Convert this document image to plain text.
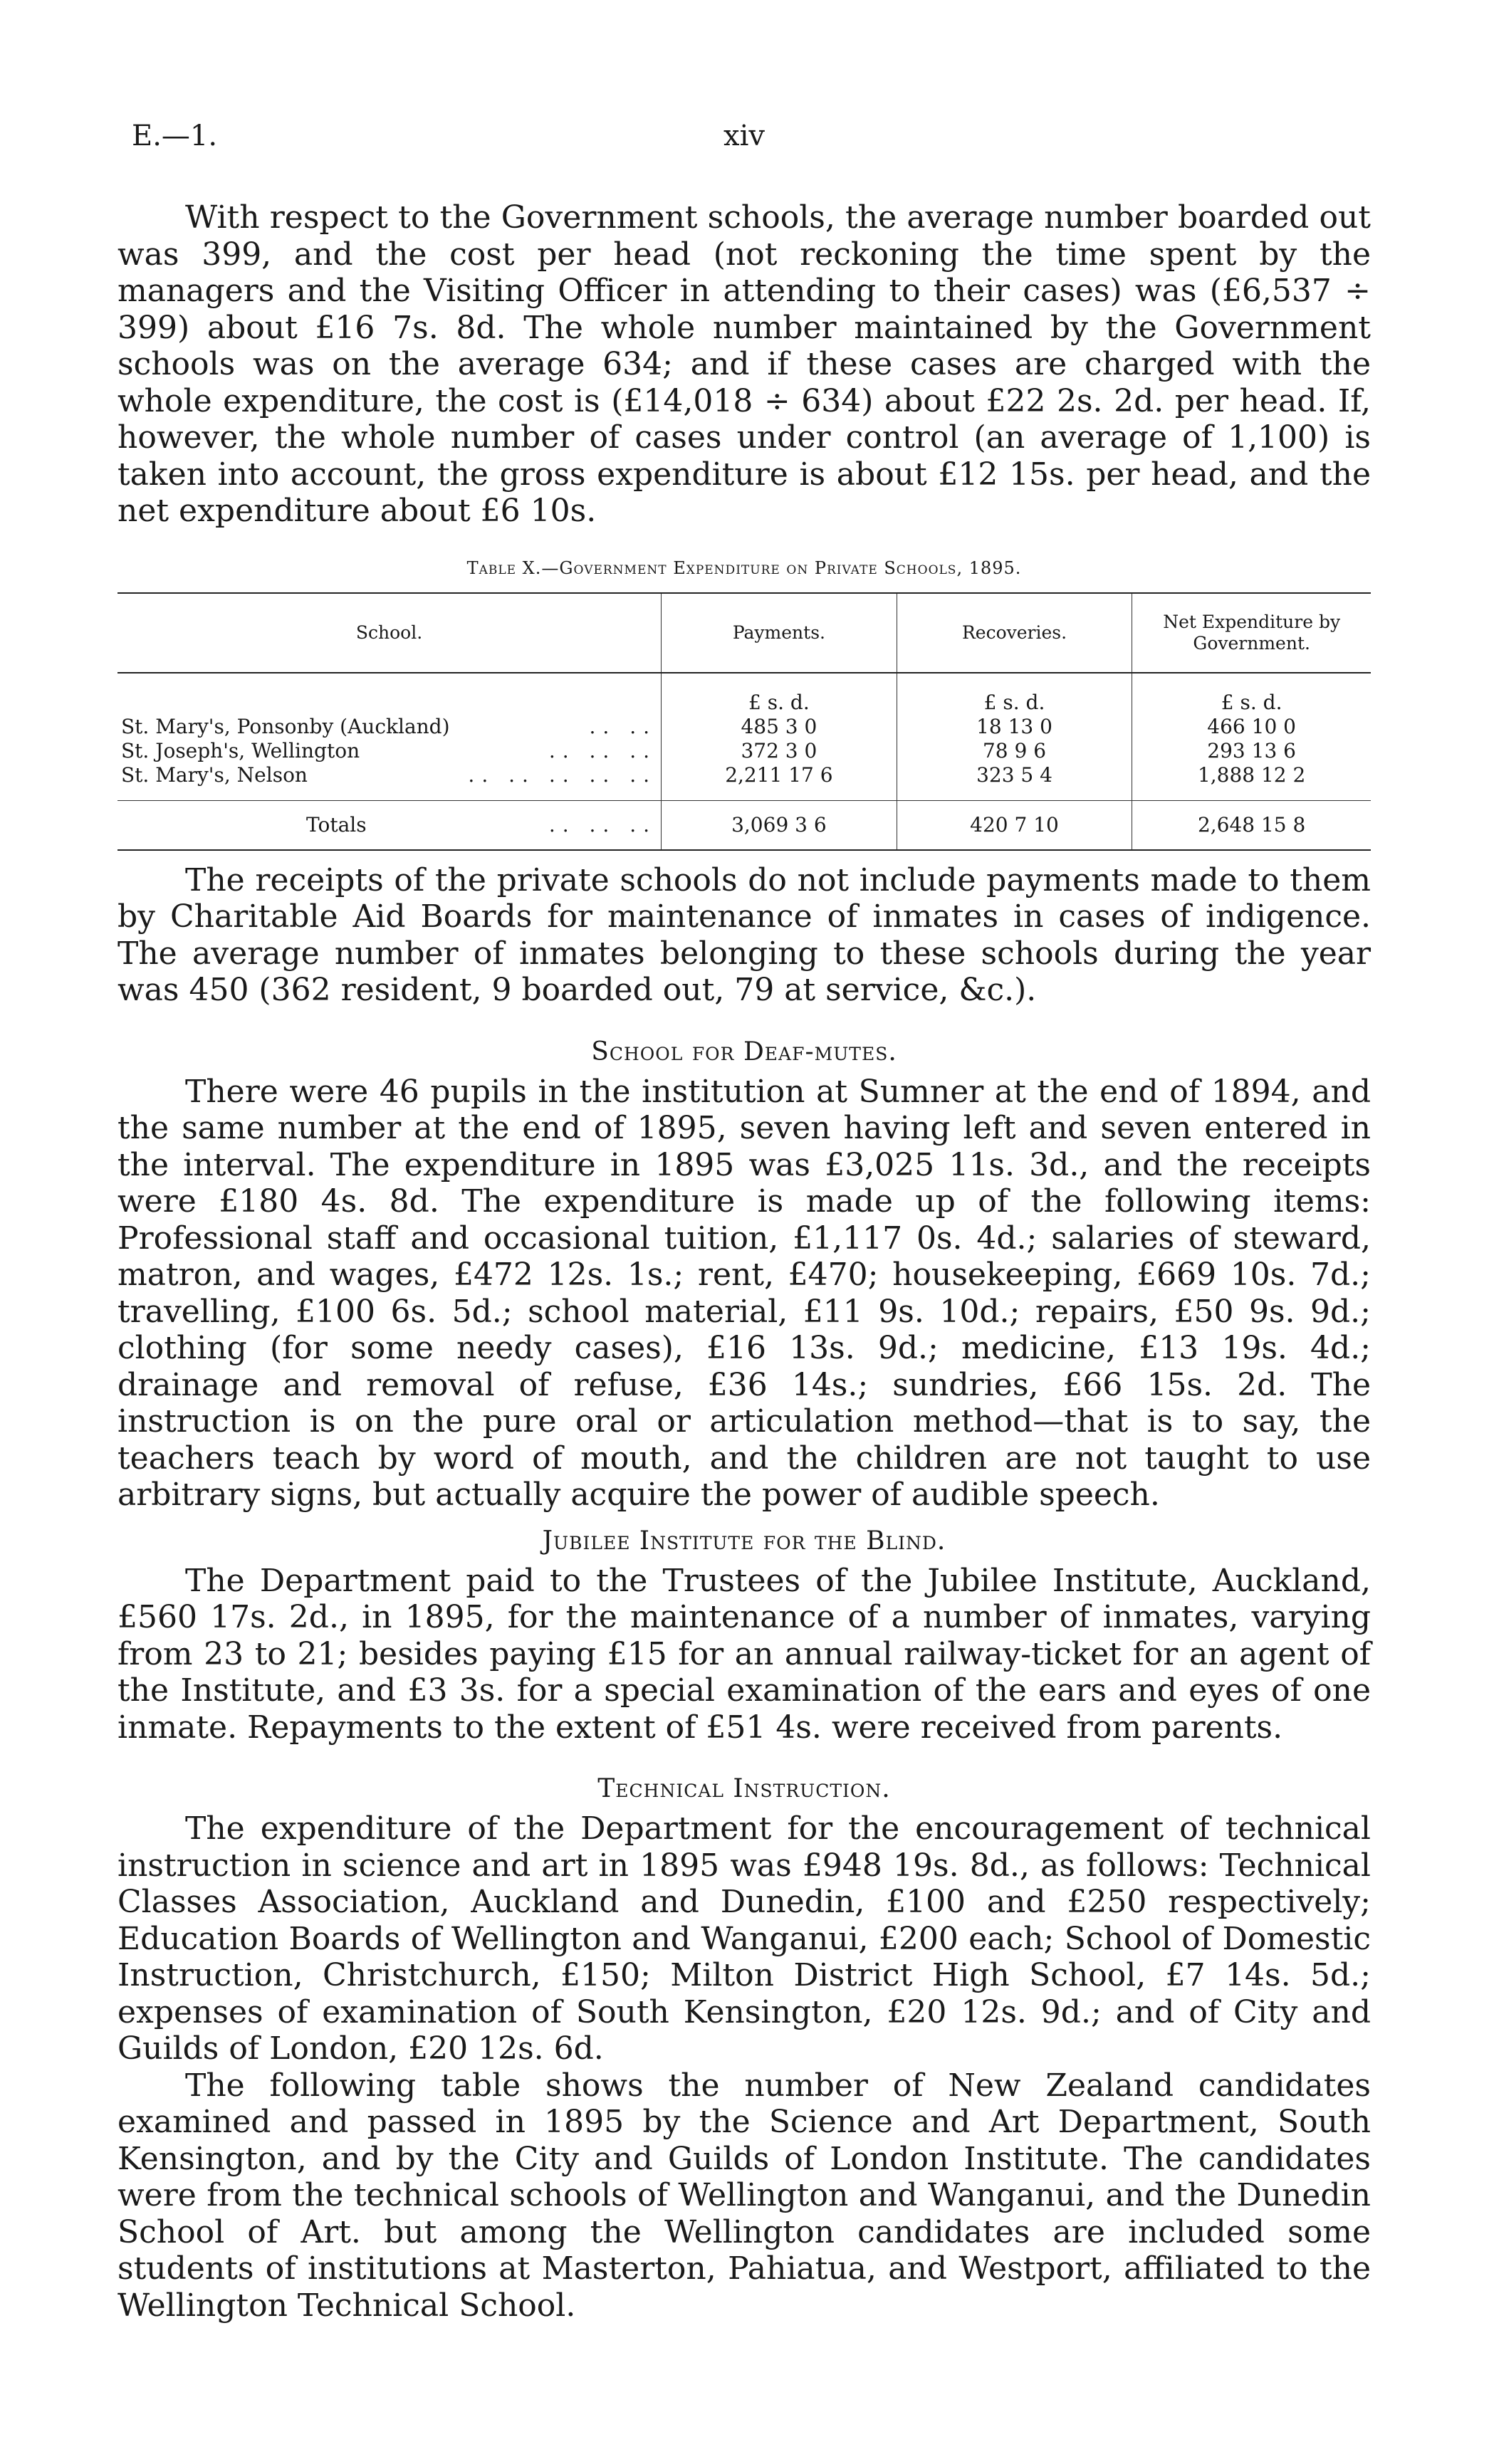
E.—1.	xiv

With respect to the Government schools, the average number boarded out was 399, and the cost per head (not reckoning the time spent by the managers and the Visiting Officer in attending to their cases) was (£6,537 ÷ 399) about £16 7s. 8d. The whole number maintained by the Government schools was on the average 634; and if these cases are charged with the whole expenditure, the cost is (£14,018 ÷ 634) about £22 2s. 2d. per head. If, however, the whole number of cases under control (an average of 1,100) is taken into account, the gross expenditure is about £12 15s. per head, and the net expenditure about £6 10s.

Table X.—Government Expenditure on Private Schools, 1895.
School.	Payments.	Recoveries.	Net Expenditure by Government.
	£ s. d.	£ s. d.	£ s. d.
St. Mary's, Ponsonby (Auckland) .. ..	485 3 0	18 13 0	466 10 0
St. Joseph's, Wellington .. .. ..	372 3 0	78 9 6	293 13 6
St. Mary's, Nelson .. .. .. .. ..	2,211 17 6	323 5 4	1,888 12 2
Totals .. .. ..	3,069 3 6	420 7 10	2,648 15 8

The receipts of the private schools do not include payments made to them by Charitable Aid Boards for maintenance of inmates in cases of indigence. The average number of inmates belonging to these schools during the year was 450 (362 resident, 9 boarded out, 79 at service, &c.).

School for Deaf-mutes.

There were 46 pupils in the institution at Sumner at the end of 1894, and the same number at the end of 1895, seven having left and seven entered in the interval. The expenditure in 1895 was £3,025 11s. 3d., and the receipts were £180 4s. 8d. The expenditure is made up of the following items: Professional staff and occasional tuition, £1,117 0s. 4d.; salaries of steward, matron, and wages, £472 12s. 1s.; rent, £470; housekeeping, £669 10s. 7d.; travelling, £100 6s. 5d.; school material, £11 9s. 10d.; repairs, £50 9s. 9d.; clothing (for some needy cases), £16 13s. 9d.; medicine, £13 19s. 4d.; drainage and removal of refuse, £36 14s.; sundries, £66 15s. 2d. The instruction is on the pure oral or articulation method—that is to say, the teachers teach by word of mouth, and the children are not taught to use arbitrary signs, but actually acquire the power of audible speech.

Jubilee Institute for the Blind.

The Department paid to the Trustees of the Jubilee Institute, Auckland, £560 17s. 2d., in 1895, for the maintenance of a number of inmates, varying from 23 to 21; besides paying £15 for an annual railway-ticket for an agent of the Institute, and £3 3s. for a special examination of the ears and eyes of one inmate. Repayments to the extent of £51 4s. were received from parents.

Technical Instruction.

The expenditure of the Department for the encouragement of technical instruction in science and art in 1895 was £948 19s. 8d., as follows: Technical Classes Association, Auckland and Dunedin, £100 and £250 respectively; Education Boards of Wellington and Wanganui, £200 each; School of Domestic Instruction, Christchurch, £150; Milton District High School, £7 14s. 5d.; expenses of examination of South Kensington, £20 12s. 9d.; and of City and Guilds of London, £20 12s. 6d.

The following table shows the number of New Zealand candidates examined and passed in 1895 by the Science and Art Department, South Kensington, and by the City and Guilds of London Institute. The candidates were from the technical schools of Wellington and Wanganui, and the Dunedin School of Art. but among the Wellington candidates are included some students of institutions at Masterton, Pahiatua, and Westport, affiliated to the Wellington Technical School.
